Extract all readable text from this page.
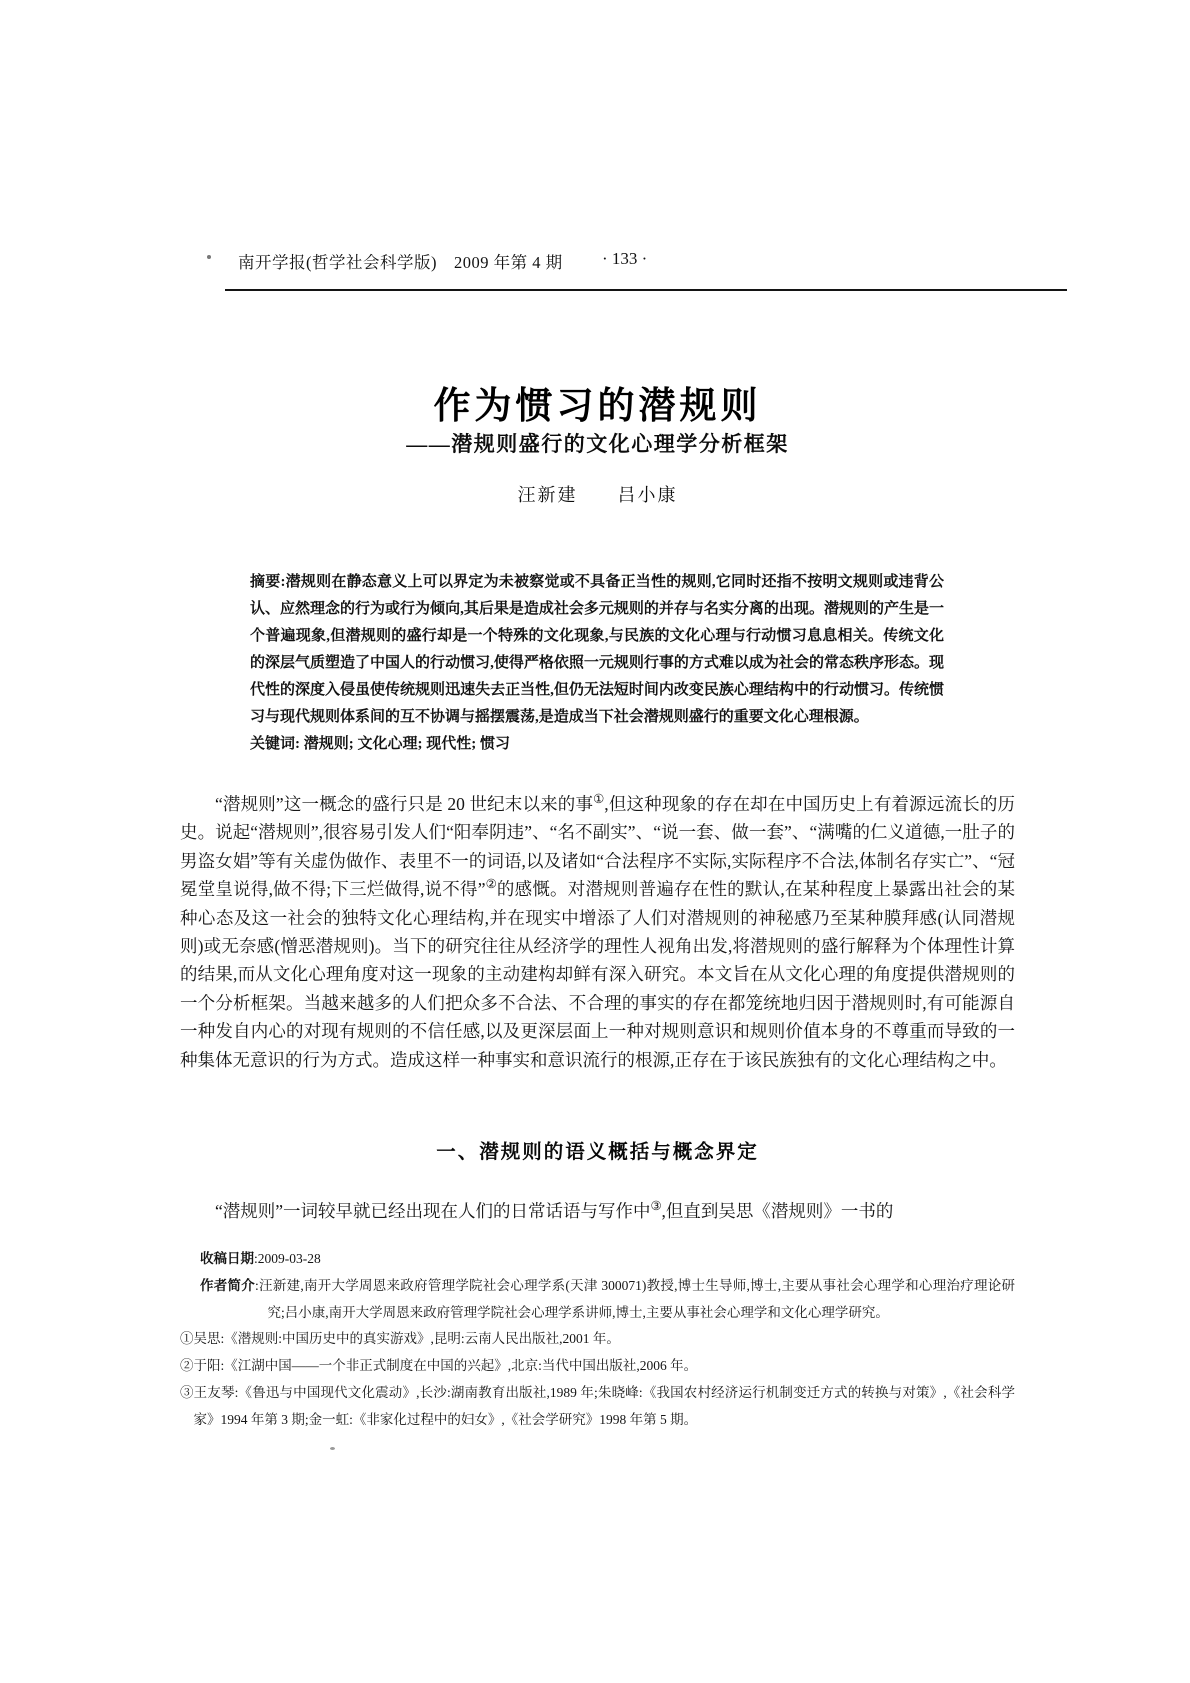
南开学报(哲学社会科学版)　2009 年第 4 期 · 133 ·
作为惯习的潜规则
——潜规则盛行的文化心理学分析框架
汪新建　　吕小康

摘要:潜规则在静态意义上可以界定为未被察觉或不具备正当性的规则,它同时还指不按明文规则或违背公认、应然理念的行为或行为倾向,其后果是造成社会多元规则的并存与名实分离的出现。潜规则的产生是一个普遍现象,但潜规则的盛行却是一个特殊的文化现象,与民族的文化心理与行动惯习息息相关。传统文化的深层气质塑造了中国人的行动惯习,使得严格依照一元规则行事的方式难以成为社会的常态秩序形态。现代性的深度入侵虽使传统规则迅速失去正当性,但仍无法短时间内改变民族心理结构中的行动惯习。传统惯习与现代规则体系间的互不协调与摇摆震荡,是造成当下社会潜规则盛行的重要文化心理根源。

关键词: 潜规则; 文化心理; 现代性; 惯习

“潜规则”这一概念的盛行只是 20 世纪末以来的事①,但这种现象的存在却在中国历史上有着源远流长的历史。说起“潜规则”,很容易引发人们“阳奉阴违”、“名不副实”、“说一套、做一套”、“满嘴的仁义道德,一肚子的男盗女娼”等有关虚伪做作、表里不一的词语,以及诸如“合法程序不实际,实际程序不合法,体制名存实亡”、“冠冕堂皇说得,做不得;下三烂做得,说不得”②的感慨。对潜规则普遍存在性的默认,在某种程度上暴露出社会的某种心态及这一社会的独特文化心理结构,并在现实中增添了人们对潜规则的神秘感乃至某种膜拜感(认同潜规则)或无奈感(憎恶潜规则)。当下的研究往往从经济学的理性人视角出发,将潜规则的盛行解释为个体理性计算的结果,而从文化心理角度对这一现象的主动建构却鲜有深入研究。本文旨在从文化心理的角度提供潜规则的一个分析框架。当越来越多的人们把众多不合法、不合理的事实的存在都笼统地归因于潜规则时,有可能源自一种发自内心的对现有规则的不信任感,以及更深层面上一种对规则意识和规则价值本身的不尊重而导致的一种集体无意识的行为方式。造成这样一种事实和意识流行的根源,正存在于该民族独有的文化心理结构之中。

一、潜规则的语义概括与概念界定

“潜规则”一词较早就已经出现在人们的日常话语与写作中③,但直到吴思《潜规则》一书的

收稿日期:2009-03-28

作者简介:汪新建,南开大学周恩来政府管理学院社会心理学系(天津 300071)教授,博士生导师,博士,主要从事社会心理学和心理治疗理论研究;吕小康,南开大学周恩来政府管理学院社会心理学系讲师,博士,主要从事社会心理学和文化心理学研究。

①吴思:《潜规则:中国历史中的真实游戏》,昆明:云南人民出版社,2001 年。

②于阳:《江湖中国——一个非正式制度在中国的兴起》,北京:当代中国出版社,2006 年。

③王友琴:《鲁迅与中国现代文化震动》,长沙:湖南教育出版社,1989 年;朱晓峰:《我国农村经济运行机制变迁方式的转换与对策》,《社会科学家》1994 年第 3 期;金一虹:《非家化过程中的妇女》,《社会学研究》1998 年第 5 期。
